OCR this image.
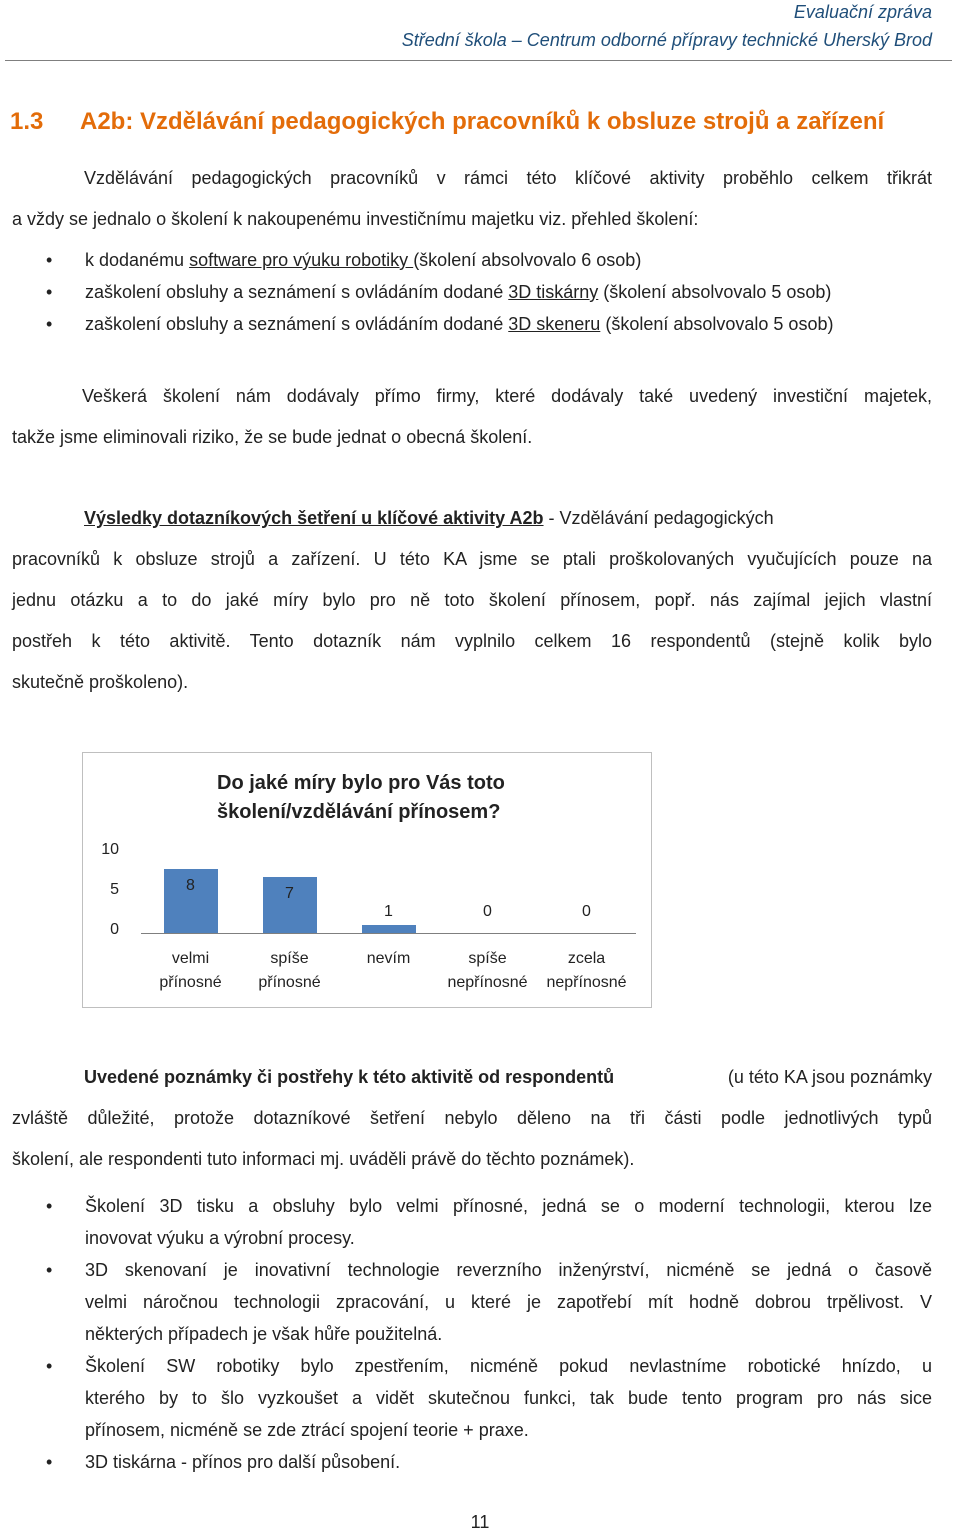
Evaluační zpráva
Střední škola – Centrum odborné přípravy technické Uherský Brod
1.3 A2b: Vzdělávání pedagogických pracovníků k obsluze strojů a zařízení
Vzdělávání pedagogických pracovníků v rámci této klíčové aktivity proběhlo celkem třikrát
a vždy se jednalo o školení k nakoupenému investičnímu majetku viz. přehled školení:
• k dodanému software pro výuku robotiky (školení absolvovalo 6 osob)
• zaškolení obsluhy a seznámení s ovládáním dodané 3D tiskárny (školení absolvovalo 5 osob)
• zaškolení obsluhy a seznámení s ovládáním dodané 3D skeneru (školení absolvovalo 5 osob)
Veškerá školení nám dodávaly přímo firmy, které dodávaly také uvedený investiční majetek,
takže jsme eliminovali riziko, že se bude jednat o obecná školení.
Výsledky dotazníkových šetření u klíčové aktivity A2b - Vzdělávání pedagogických
pracovníků k obsluze strojů a zařízení. U této KA jsme se ptali proškolovaných vyučujících pouze na
jednu otázku a to do jaké míry bylo pro ně toto školení přínosem, popř. nás zajímal jejich vlastní
postřeh k této aktivitě. Tento dotazník nám vyplnilo celkem 16 respondentů (stejně kolik bylo
skutečně proškoleno).
Do jaké míry bylo pro Vás toto
školení/vzdělávání přínosem?
10
5
0
8
velmi
přínosné
7
spíše
přínosné
1
nevím

0
spíše
nepřínosné
0
zcela
nepřínosné
Uvedené poznámky či postřehy k této aktivitě od respondentů	(u této KA jsou poznámky
zvláště důležité, protože dotazníkové šetření nebylo děleno na tři části podle jednotlivých typů
školení, ale respondenti tuto informaci mj. uváděli právě do těchto poznámek).
• Školení 3D tisku a obsluhy bylo velmi přínosné, jedná se o moderní technologii, kterou lze
inovovat výuku a výrobní procesy.
• 3D skenovaní je inovativní technologie reverzního inženýrství, nicméně se jedná o časově
velmi náročnou technologii zpracování, u které je zapotřebí mít hodně dobrou trpělivost. V
některých případech je však hůře použitelná.
• Školení SW robotiky bylo zpestřením, nicméně pokud nevlastníme robotické hnízdo, u
kterého by to šlo vyzkoušet a vidět skutečnou funkci, tak bude tento program pro nás sice
přínosem, nicméně se zde ztrácí spojení teorie + praxe.
• 3D tiskárna - přínos pro další působení.
11
